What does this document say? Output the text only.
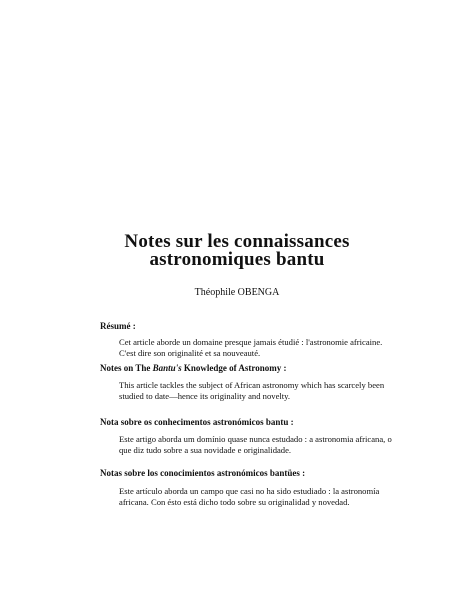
Notes sur les connaissances
astronomiques bantu
Théophile OBENGA
Résumé :
Cet article aborde un domaine presque jamais étudié : l'astronomie africaine.
C'est dire son originalité et sa nouveauté.
Notes on The Bantu's Knowledge of Astronomy :
This article tackles the subject of African astronomy which has scarcely been
studied to date—hence its originality and novelty.
Nota sobre os conhecimentos astronómicos bantu :
Este artigo aborda um domínio quase nunca estudado : a astronomia africana, o
que diz tudo sobre a sua novidade e originalidade.
Notas sobre los conocimientos astronómicos bantües :
Este artículo aborda un campo que casi no ha sido estudiado : la astronomía
africana. Con ésto está dicho todo sobre su originalidad y novedad.
